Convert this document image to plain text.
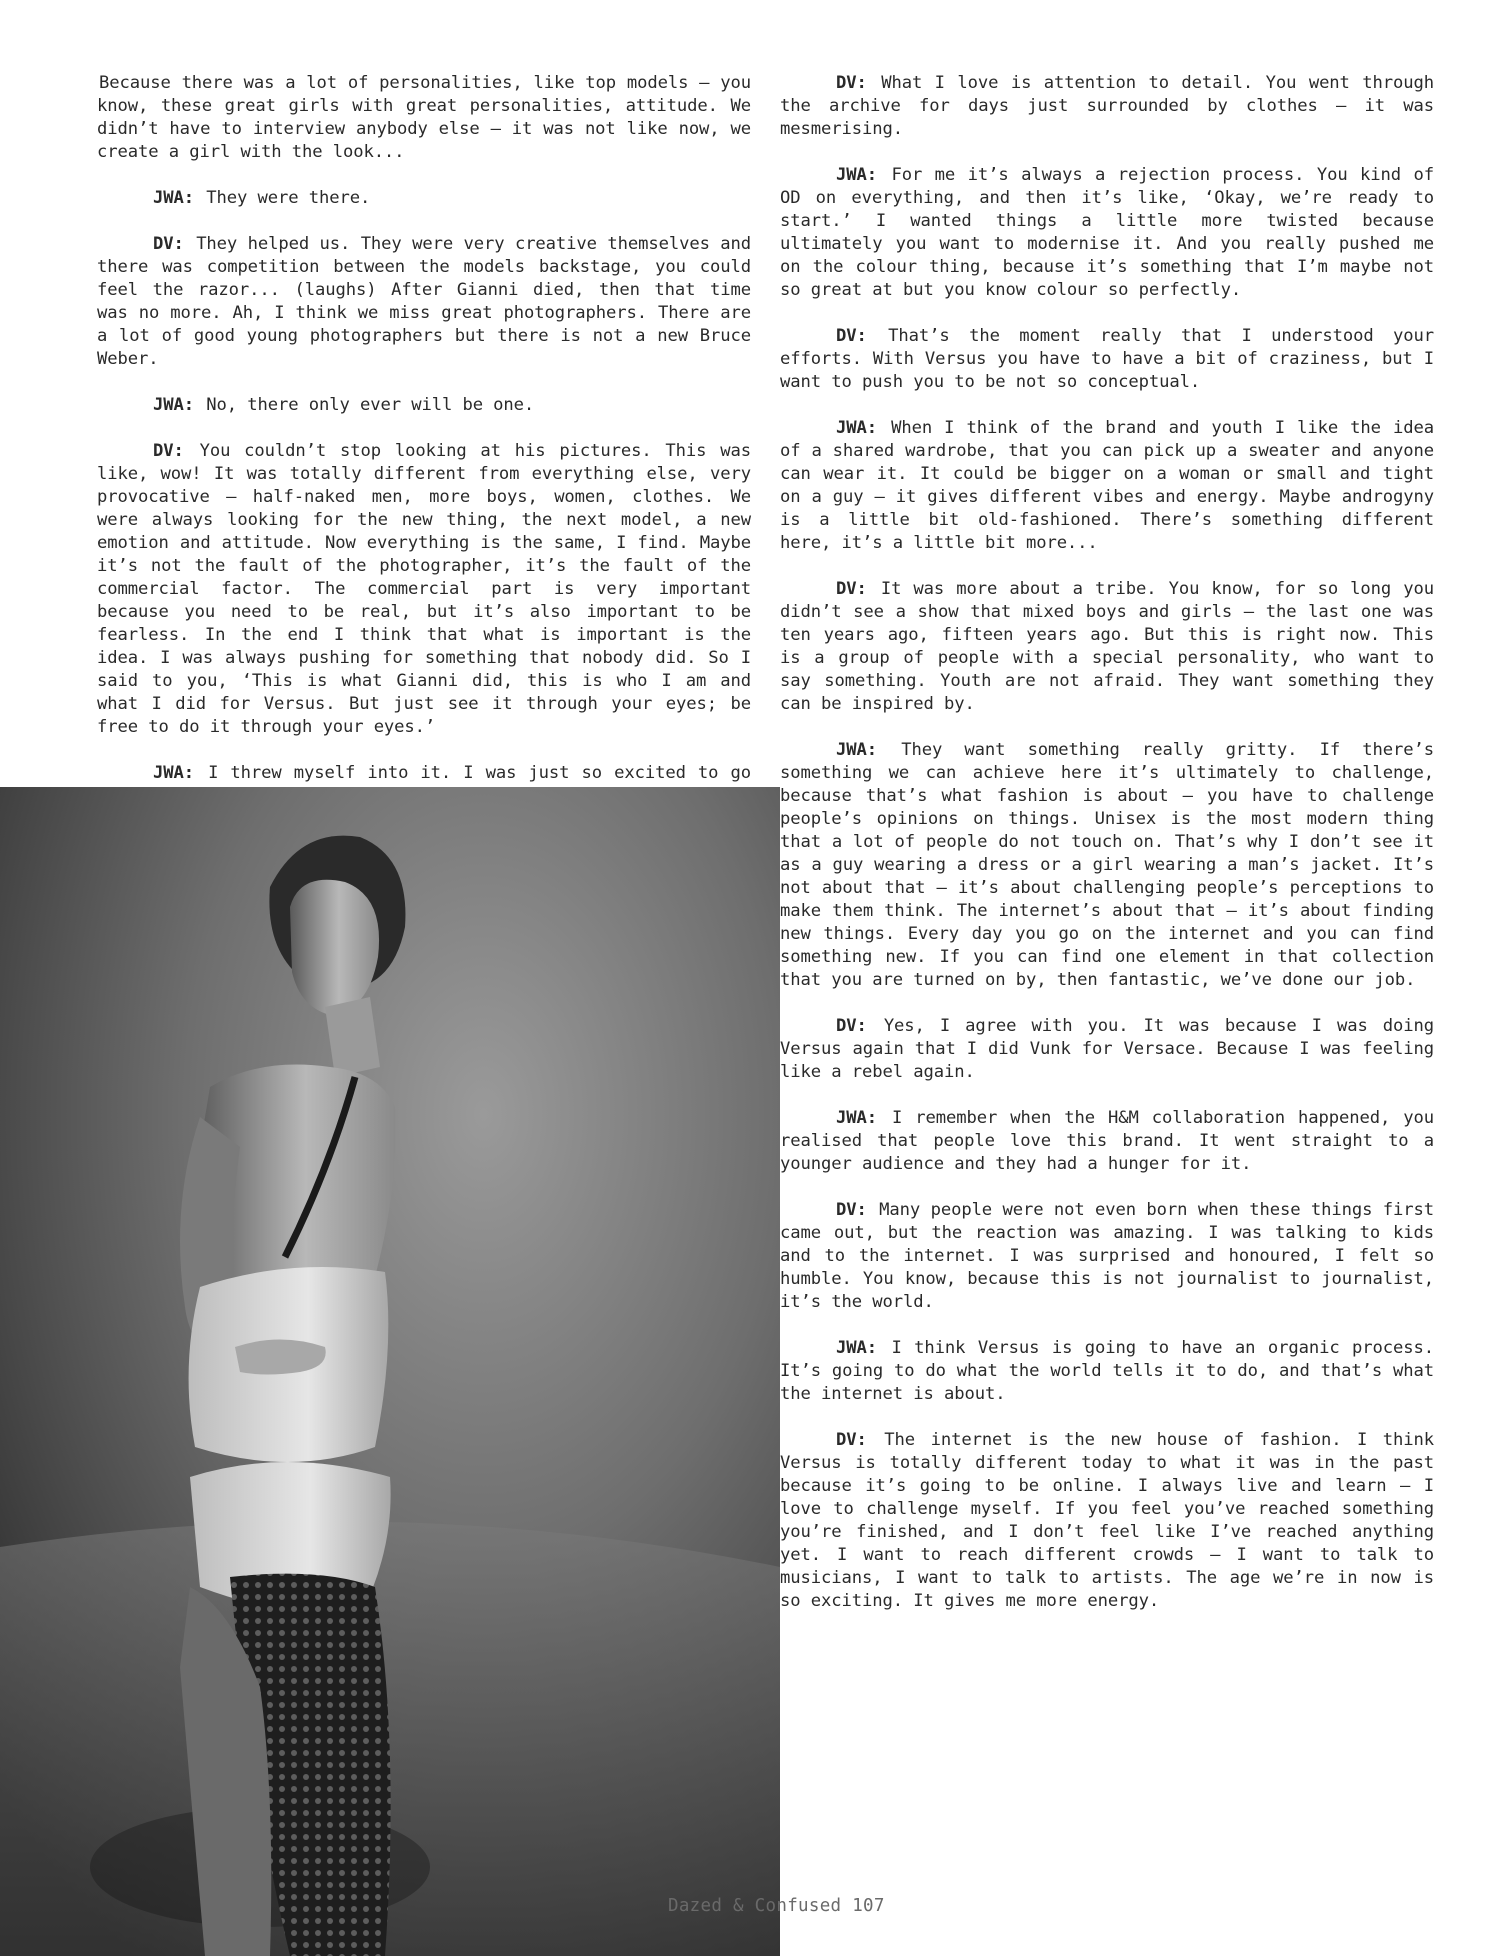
Because there was a lot of personalities, like top models – you know, these great girls with great personalities, attitude. We didn’t have to interview anybody else – it was not like now, we create a girl with the look...

JWA: They were there.

DV: They helped us. They were very creative themselves and there was competition between the models backstage, you could feel the razor... (laughs) After Gianni died, then that time was no more. Ah, I think we miss great photographers. There are a lot of good young photographers but there is not a new Bruce Weber.

JWA: No, there only ever will be one.

DV: You couldn’t stop looking at his pictures. This was like, wow! It was totally different from everything else, very provocative – half-naked men, more boys, women, clothes. We were always looking for the new thing, the next model, a new emotion and attitude. Now everything is the same, I find. Maybe it’s not the fault of the photographer, it’s the fault of the commercial factor. The commercial part is very important because you need to be real, but it’s also important to be fearless. In the end I think that what is important is the idea. I was always pushing for something that nobody did. So I said to you, ‘This is what Gianni did, this is who I am and what I did for Versus. But just see it through your eyes; be free to do it through your eyes.’

JWA: I threw myself into it. I was just so excited to go

DV: What I love is attention to detail. You went through the archive for days just surrounded by clothes – it was mesmerising.

JWA: For me it’s always a rejection process. You kind of OD on everything, and then it’s like, ‘Okay, we’re ready to start.’ I wanted things a little more twisted because ultimately you want to modernise it. And you really pushed me on the colour thing, because it’s something that I’m maybe not so great at but you know colour so perfectly.

DV: That’s the moment really that I understood your efforts. With Versus you have to have a bit of craziness, but I want to push you to be not so conceptual.

JWA: When I think of the brand and youth I like the idea of a shared wardrobe, that you can pick up a sweater and anyone can wear it. It could be bigger on a woman or small and tight on a guy – it gives different vibes and energy. Maybe androgyny is a little bit old-fashioned. There’s something different here, it’s a little bit more...

DV: It was more about a tribe. You know, for so long you didn’t see a show that mixed boys and girls – the last one was ten years ago, fifteen years ago. But this is right now. This is a group of people with a special personality, who want to say something. Youth are not afraid. They want something they can be inspired by.

JWA: They want something really gritty. If there’s something we can achieve here it’s ultimately to challenge, because that’s what fashion is about – you have to challenge people’s opinions on things. Unisex is the most modern thing that a lot of people do not touch on. That’s why I don’t see it as a guy wearing a dress or a girl wearing a man’s jacket. It’s not about that – it’s about challenging people’s perceptions to make them think. The internet’s about that – it’s about finding new things. Every day you go on the internet and you can find something new. If you can find one element in that collection that you are turned on by, then fantastic, we’ve done our job.

DV: Yes, I agree with you. It was because I was doing Versus again that I did Vunk for Versace. Because I was feeling like a rebel again.

JWA: I remember when the H&M collaboration happened, you realised that people love this brand. It went straight to a younger audience and they had a hunger for it.

DV: Many people were not even born when these things first came out, but the reaction was amazing. I was talking to kids and to the internet. I was surprised and honoured, I felt so humble. You know, because this is not journalist to journalist, it’s the world.

JWA: I think Versus is going to have an organic process. It’s going to do what the world tells it to do, and that’s what the internet is about.

DV: The internet is the new house of fashion. I think Versus is totally different today to what it was in the past because it’s going to be online. I always live and learn – I love to challenge myself. If you feel you’ve reached something you’re finished, and I don’t feel like I’ve reached anything yet. I want to reach different crowds – I want to talk to musicians, I want to talk to artists. The age we’re in now is so exciting. It gives me more energy.

Dazed & Confused 107
